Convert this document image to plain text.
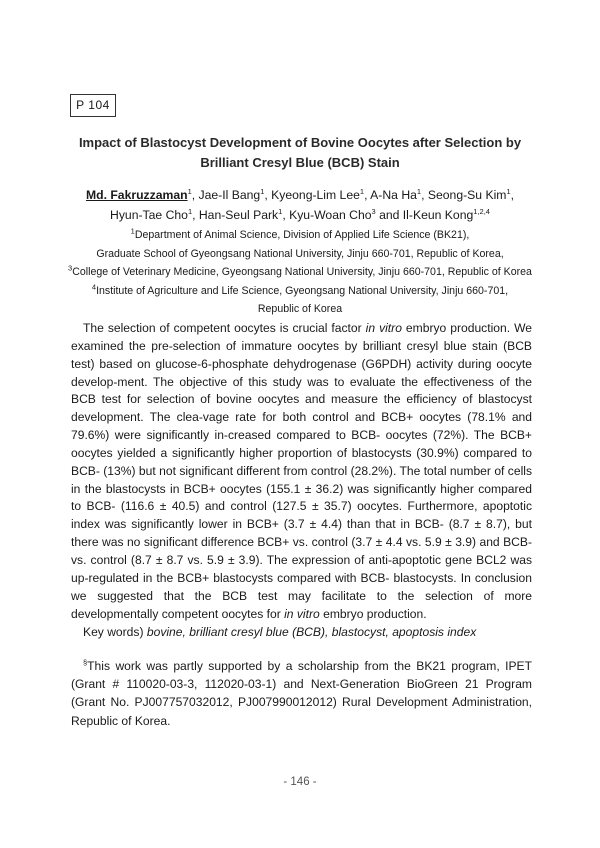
P 104
Impact of Blastocyst Development of Bovine Oocytes after Selection by
Brilliant Cresyl Blue (BCB) Stain
Md. Fakruzzaman$^1$, Jae-Il Bang$^1$, Kyeong-Lim Lee$^1$, A-Na Ha$^1$, Seong-Su Kim$^1$,
Hyun-Tae Cho$^1$, Han-Seul Park$^1$, Kyu-Woan Cho$^3$ and Il-Keun Kong$^{1,2,4}$
$^1$Department of Animal Science, Division of Applied Life Science (BK21),
Graduate School of Gyeongsang National University, Jinju 660-701, Republic of Korea,
$^3$College of Veterinary Medicine, Gyeongsang National University, Jinju 660-701, Republic of Korea
$^4$Institute of Agriculture and Life Science, Gyeongsang National University, Jinju 660-701,
Republic of Korea
The selection of competent oocytes is crucial factor in vitro embryo production. We examined the pre-selection of immature oocytes by brilliant cresyl blue stain (BCB test) based on glucose-6-phosphate dehydrogenase (G6PDH) activity during oocyte develop-ment. The objective of this study was to evaluate the effectiveness of the BCB test for selection of bovine oocytes and measure the efficiency of blastocyst development. The clea-vage rate for both control and BCB+ oocytes (78.1% and 79.6%) were significantly in-creased compared to BCB- oocytes (72%). The BCB+ oocytes yielded a significantly higher proportion of blastocysts (30.9%) compared to BCB- (13%) but not significant different from control (28.2%). The total number of cells in the blastocysts in BCB+ oocytes (155.1 ± 36.2) was significantly higher compared to BCB- (116.6 ± 40.5) and control (127.5 ± 35.7) oocytes. Furthermore, apoptotic index was significantly lower in BCB+ (3.7 ± 4.4) than that in BCB- (8.7 ± 8.7), but there was no significant difference BCB+ vs. control (3.7 ± 4.4 vs. 5.9 ± 3.9) and BCB- vs. control (8.7 ± 8.7 vs. 5.9 ± 3.9). The expression of anti-apoptotic gene BCL2 was up-regulated in the BCB+ blastocysts compared with BCB- blastocysts. In conclusion we suggested that the BCB test may facilitate to the selection of more developmentally competent oocytes for in vitro embryo production.
Key words) bovine, brilliant cresyl blue (BCB), blastocyst, apoptosis index
§This work was partly supported by a scholarship from the BK21 program, IPET (Grant # 110020-03-3, 112020-03-1) and Next-Generation BioGreen 21 Program (Grant No. PJ007757032012, PJ007990012012) Rural Development Administration, Republic of Korea.
- 146 -
